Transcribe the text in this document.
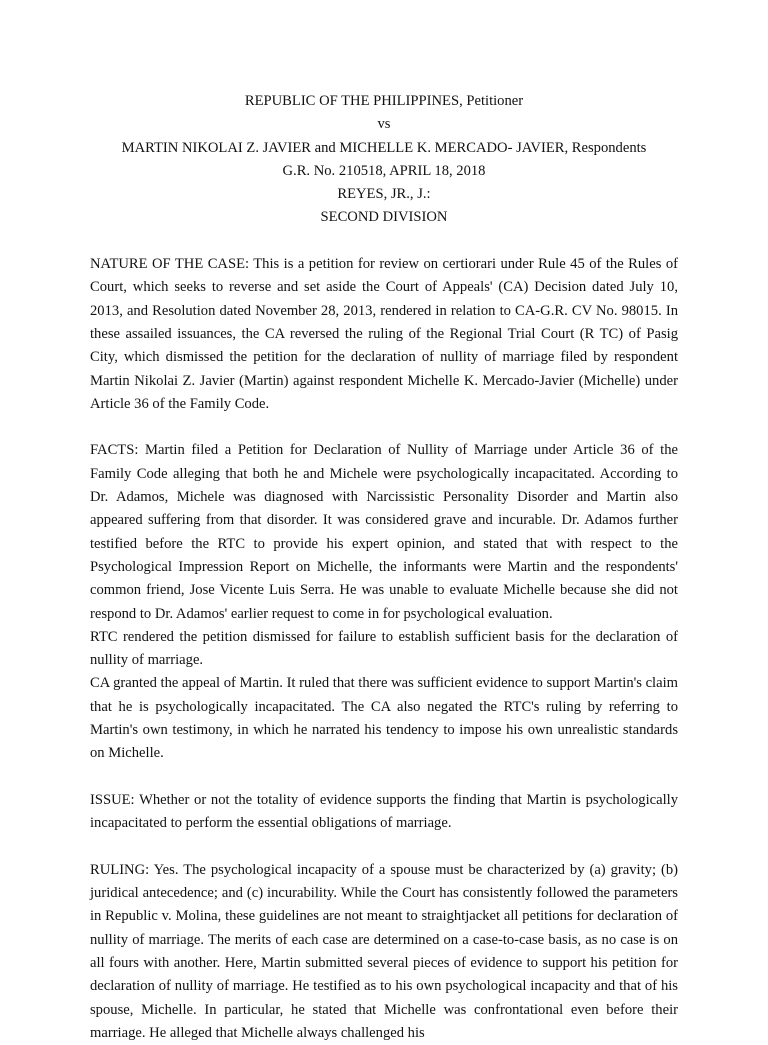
REPUBLIC OF THE PHILIPPINES, Petitioner
vs
MARTIN NIKOLAI Z. JAVIER and MICHELLE K. MERCADO- JAVIER, Respondents
G.R. No. 210518, APRIL 18, 2018
REYES, JR., J.:
SECOND DIVISION

NATURE OF THE CASE: This is a petition for review on certiorari under Rule 45 of the Rules of Court, which seeks to reverse and set aside the Court of Appeals' (CA) Decision dated July 10, 2013, and Resolution dated November 28, 2013, rendered in relation to CA-G.R. CV No. 98015. In these assailed issuances, the CA reversed the ruling of the Regional Trial Court (R TC) of Pasig City, which dismissed the petition for the declaration of nullity of marriage filed by respondent Martin Nikolai Z. Javier (Martin) against respondent Michelle K. Mercado-Javier (Michelle) under Article 36 of the Family Code.

FACTS: Martin filed a Petition for Declaration of Nullity of Marriage under Article 36 of the Family Code alleging that both he and Michele were psychologically incapacitated. According to Dr. Adamos, Michele was diagnosed with Narcissistic Personality Disorder and Martin also appeared suffering from that disorder. It was considered grave and incurable. Dr. Adamos further testified before the RTC to provide his expert opinion, and stated that with respect to the Psychological Impression Report on Michelle, the informants were Martin and the respondents' common friend, Jose Vicente Luis Serra. He was unable to evaluate Michelle because she did not respond to Dr. Adamos' earlier request to come in for psychological evaluation.

RTC rendered the petition dismissed for failure to establish sufficient basis for the declaration of nullity of marriage.

CA granted the appeal of Martin. It ruled that there was sufficient evidence to support Martin's claim that he is psychologically incapacitated. The CA also negated the RTC's ruling by referring to Martin's own testimony, in which he narrated his tendency to impose his own unrealistic standards on Michelle.

ISSUE: Whether or not the totality of evidence supports the finding that Martin is psychologically incapacitated to perform the essential obligations of marriage.

RULING: Yes. The psychological incapacity of a spouse must be characterized by (a) gravity; (b) juridical antecedence; and (c) incurability. While the Court has consistently followed the parameters in Republic v. Molina, these guidelines are not meant to straightjacket all petitions for declaration of nullity of marriage. The merits of each case are determined on a case-to-case basis, as no case is on all fours with another. Here, Martin submitted several pieces of evidence to support his petition for declaration of nullity of marriage. He testified as to his own psychological incapacity and that of his spouse, Michelle. In particular, he stated that Michelle was confrontational even before their marriage. He alleged that Michelle always challenged his
